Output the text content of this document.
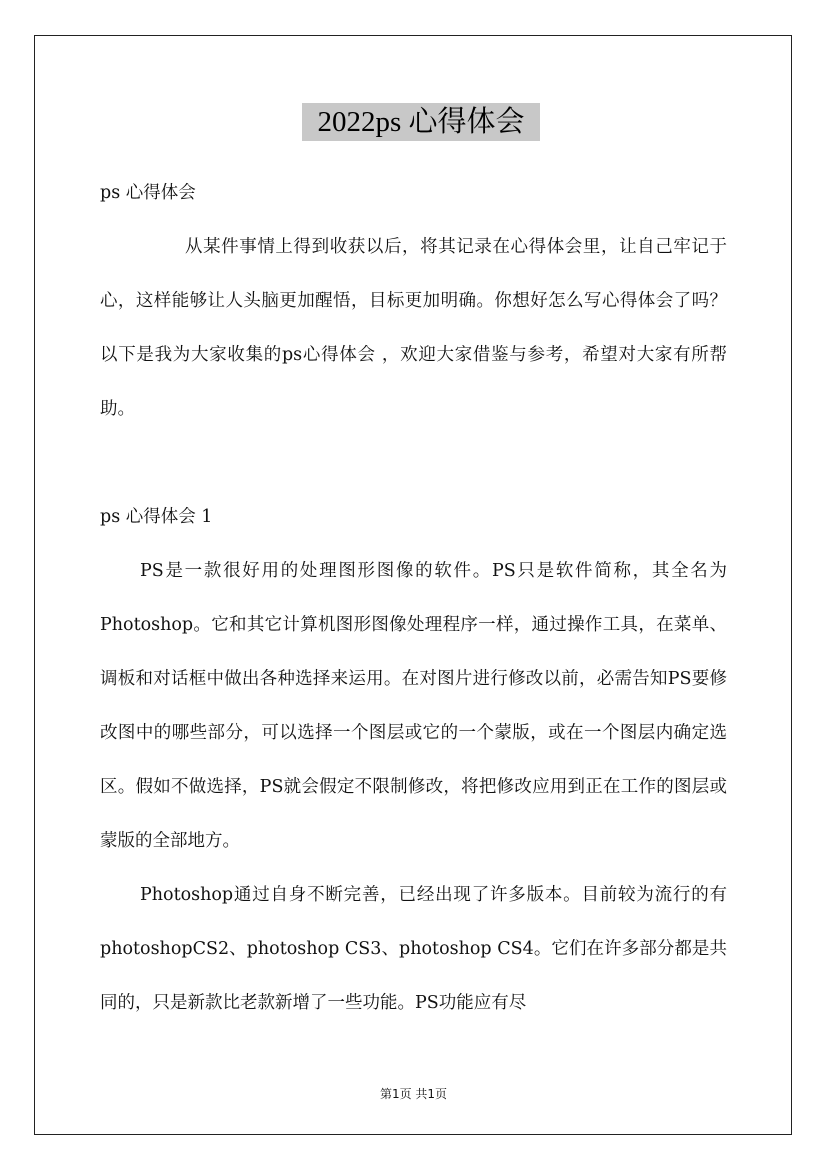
2022ps 心得体会

ps 心得体会

从某件事情上得到收获以后，将其记录在心得体会里，让自己牢记于心，这样能够让人头脑更加醒悟，目标更加明确。你想好怎么写心得体会了吗？以下是我为大家收集的ps心得体会 ，欢迎大家借鉴与参考，希望对大家有所帮助。

ps 心得体会 1

PS是一款很好用的处理图形图像的软件。PS只是软件简称，其全名为Photoshop。它和其它计算机图形图像处理程序一样，通过操作工具，在菜单、调板和对话框中做出各种选择来运用。在对图片进行修改以前，必需告知PS要修改图中的哪些部分，可以选择一个图层或它的一个蒙版，或在一个图层内确定选区。假如不做选择，PS就会假定不限制修改，将把修改应用到正在工作的图层或蒙版的全部地方。

Photoshop通过自身不断完善，已经出现了许多版本。目前较为流行的有 photoshopCS2、photoshop CS3、photoshop CS4。它们在许多部分都是共同的，只是新款比老款新增了一些功能。PS功能应有尽

第1页 共1页
